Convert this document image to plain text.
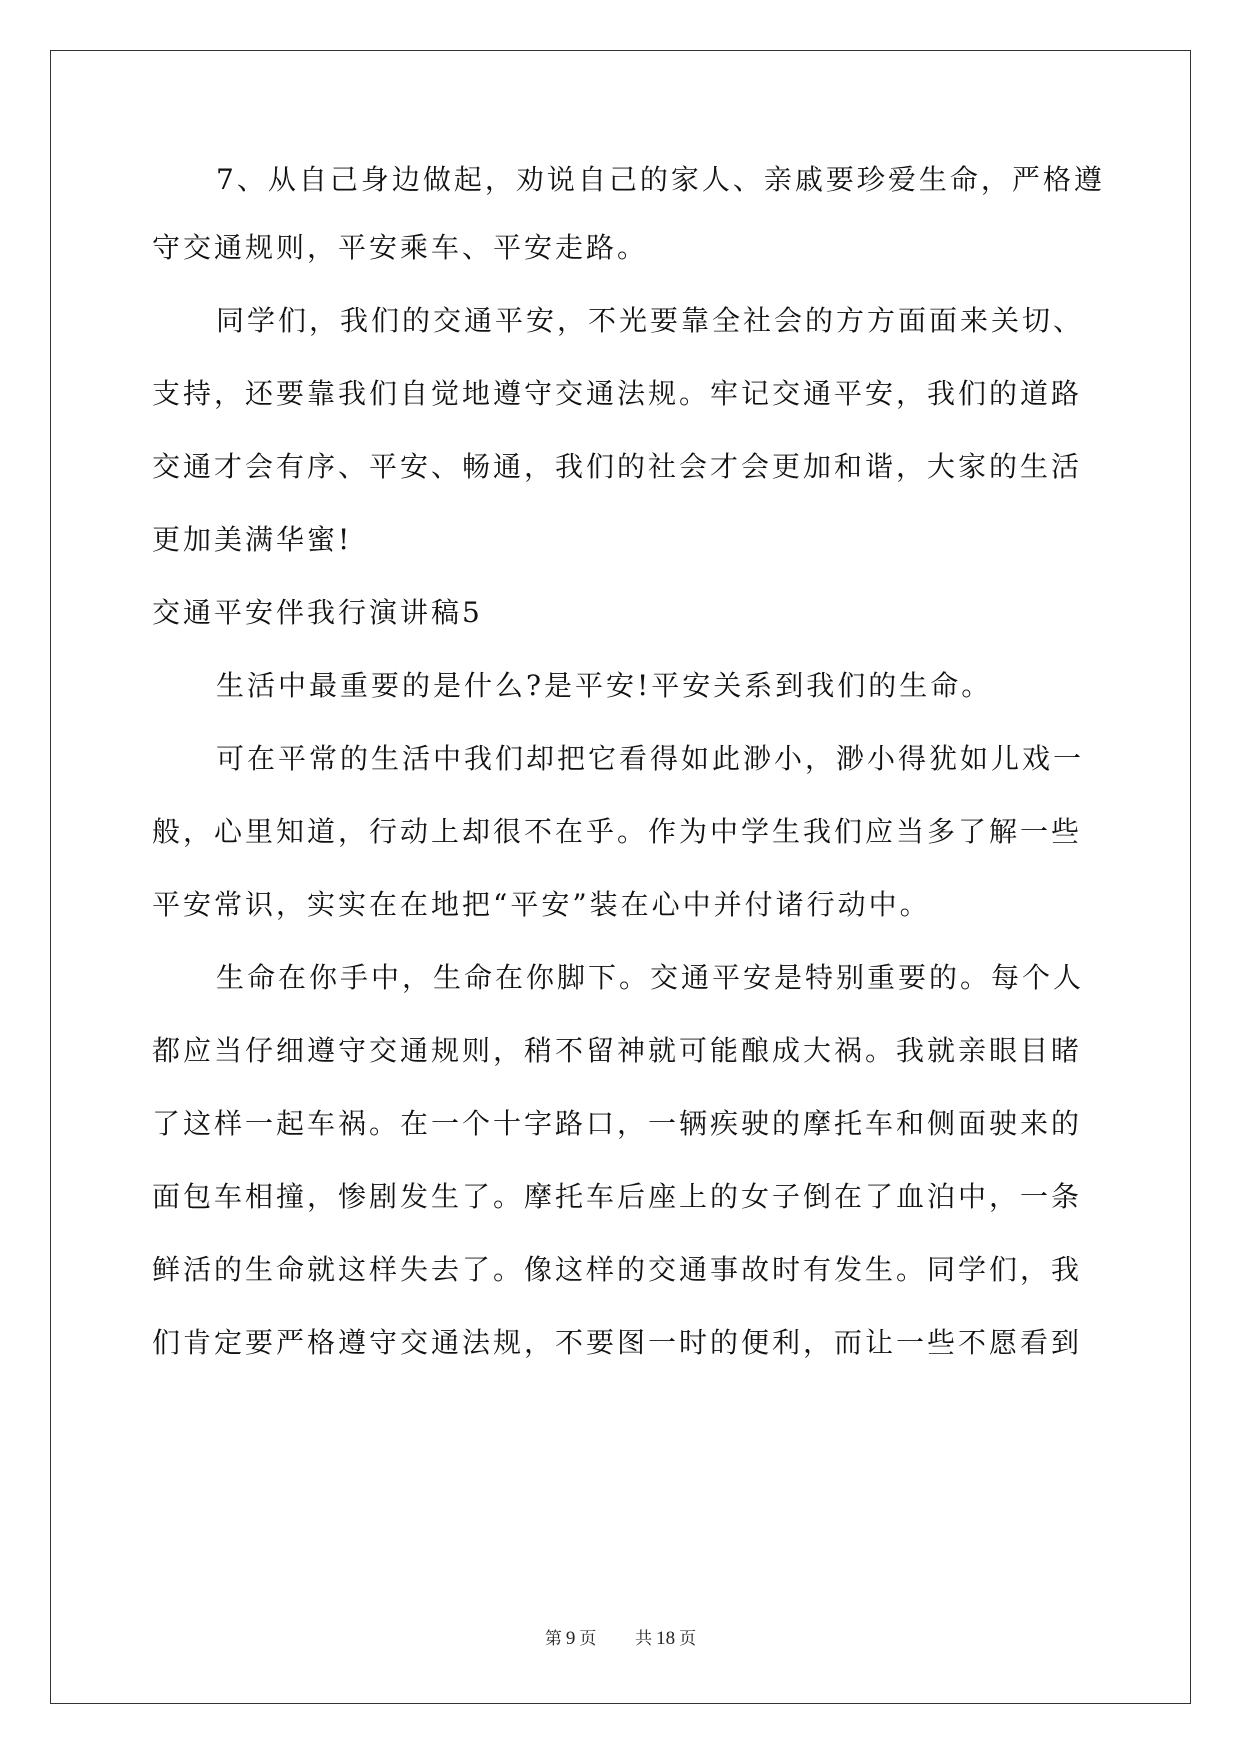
7、从自己身边做起，劝说自己的家人、亲戚要珍爱生命，严格遵
守交通规则，平安乘车、平安走路。
同学们，我们的交通平安，不光要靠全社会的方方面面来关切、
支持，还要靠我们自觉地遵守交通法规。牢记交通平安，我们的道路
交通才会有序、平安、畅通，我们的社会才会更加和谐，大家的生活
更加美满华蜜!
交通平安伴我行演讲稿5
生活中最重要的是什么?是平安!平安关系到我们的生命。
可在平常的生活中我们却把它看得如此渺小，渺小得犹如儿戏一
般，心里知道，行动上却很不在乎。作为中学生我们应当多了解一些
平安常识，实实在在地把“平安”装在心中并付诸行动中。
生命在你手中，生命在你脚下。交通平安是特别重要的。每个人
都应当仔细遵守交通规则，稍不留神就可能酿成大祸。我就亲眼目睹
了这样一起车祸。在一个十字路口，一辆疾驶的摩托车和侧面驶来的
面包车相撞，惨剧发生了。摩托车后座上的女子倒在了血泊中，一条
鲜活的生命就这样失去了。像这样的交通事故时有发生。同学们，我
们肯定要严格遵守交通法规，不要图一时的便利，而让一些不愿看到
第 9 页 共 18 页
